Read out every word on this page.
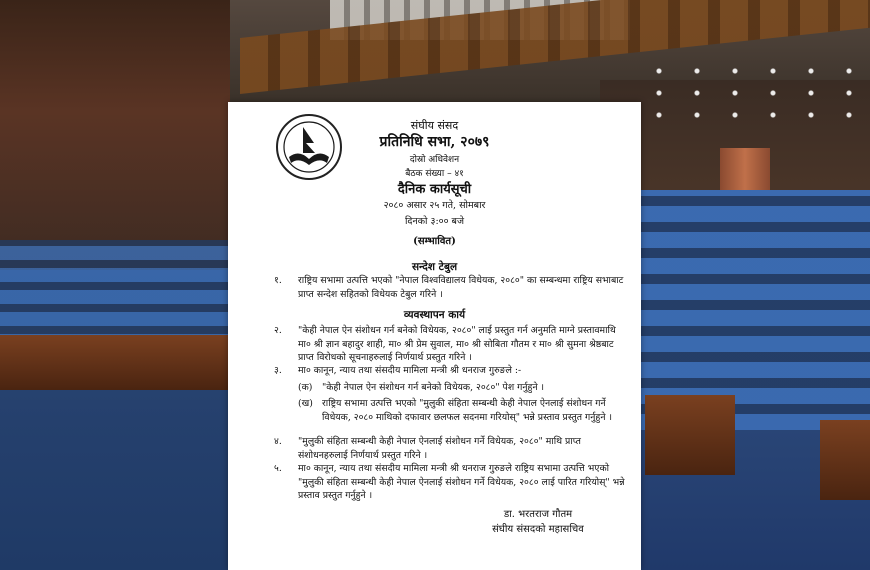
संघीय संसद
प्रतिनिधि सभा, २०७९
दोस्रो अधिवेशन
बैठक संख्या – ४१
दैनिक कार्यसूची
२०८० असार २५ गते, सोमबार
दिनको ३:०० बजे
(सम्भावित)
सन्देश टेबुल
१.	राष्ट्रिय सभामा उत्पत्ति भएको "नेपाल विश्वविद्यालय विधेयक, २०८०" का सम्बन्धमा राष्ट्रिय सभाबाट प्राप्त सन्देश सहितको विधेयक टेबुल गरिने ।
व्यवस्थापन कार्य
२.	"केही नेपाल ऐन संशोधन गर्न बनेको विधेयक, २०८०" लाई प्रस्तुत गर्न अनुमति माग्ने प्रस्तावमाथि मा० श्री ज्ञान बहादुर शाही, मा० श्री प्रेम सुवाल, मा० श्री सोबिता गौतम र मा० श्री सुमना श्रेष्ठबाट प्राप्त विरोधको सूचनाहरुलाई निर्णयार्थ प्रस्तुत गरिने ।
३.	मा० कानून, न्याय तथा संसदीय मामिला मन्त्री श्री धनराज गुरुङले :-
(क)	"केही नेपाल ऐन संशोधन गर्न बनेको विधेयक, २०८०" पेश गर्नुहुने ।
(ख) राष्ट्रिय सभामा उत्पत्ति भएको "मुलुकी संहिता सम्बन्धी केही नेपाल ऐनलाई संशोधन गर्ने विधेयक, २०८० माथिको दफावार छलफल सदनमा गरियोस्" भन्ने प्रस्ताव प्रस्तुत गर्नुहुने ।
४.	"मुलुकी संहिता सम्बन्धी केही नेपाल ऐनलाई संशोधन गर्ने विधेयक, २०८०" माथि प्राप्त संशोधनहरुलाई निर्णयार्थ प्रस्तुत गरिने ।
५.	मा० कानून, न्याय तथा संसदीय मामिला मन्त्री श्री धनराज गुरुङले राष्ट्रिय सभामा उत्पत्ति भएको "मुलुकी संहिता सम्बन्धी केही नेपाल ऐनलाई संशोधन गर्ने विधेयक, २०८० लाई पारित गरियोस्" भन्ने प्रस्ताव प्रस्तुत गर्नुहुने ।
डा. भरतराज गौतम
संघीय संसदको महासचिव
